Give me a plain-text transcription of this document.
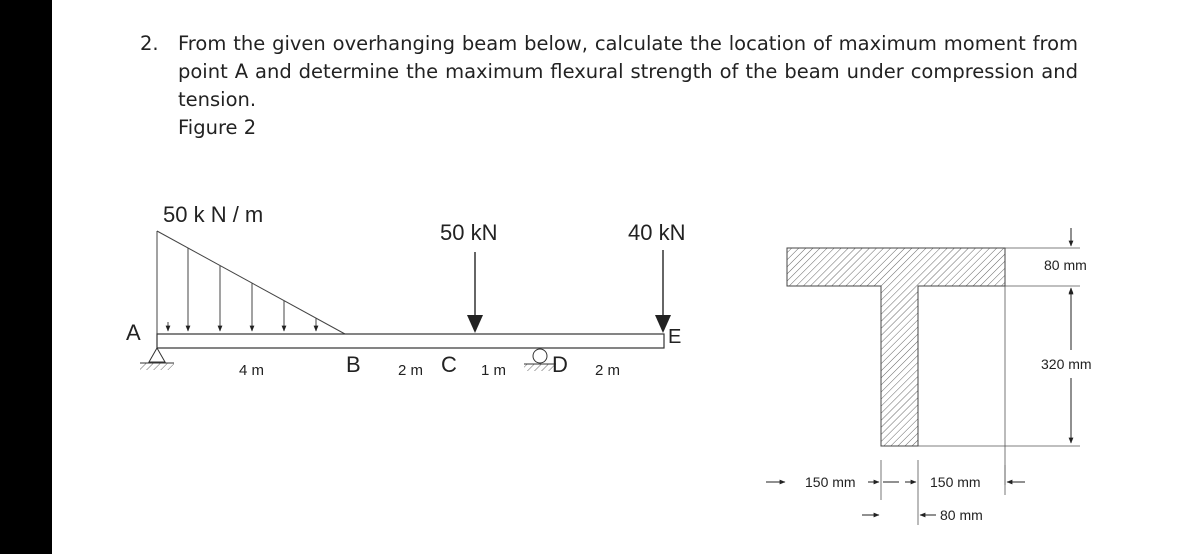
2. From the given overhanging beam below, calculate the location of maximum moment from point A and determine the maximum flexural strength of the beam under compression and tension.
Figure 2
50 k N / m
50 kN	40 kN
A
B	C	D
E
4 m	2 m	1 m	2 m
80 mm
320 mm
150 mm	150 mm
80 mm
